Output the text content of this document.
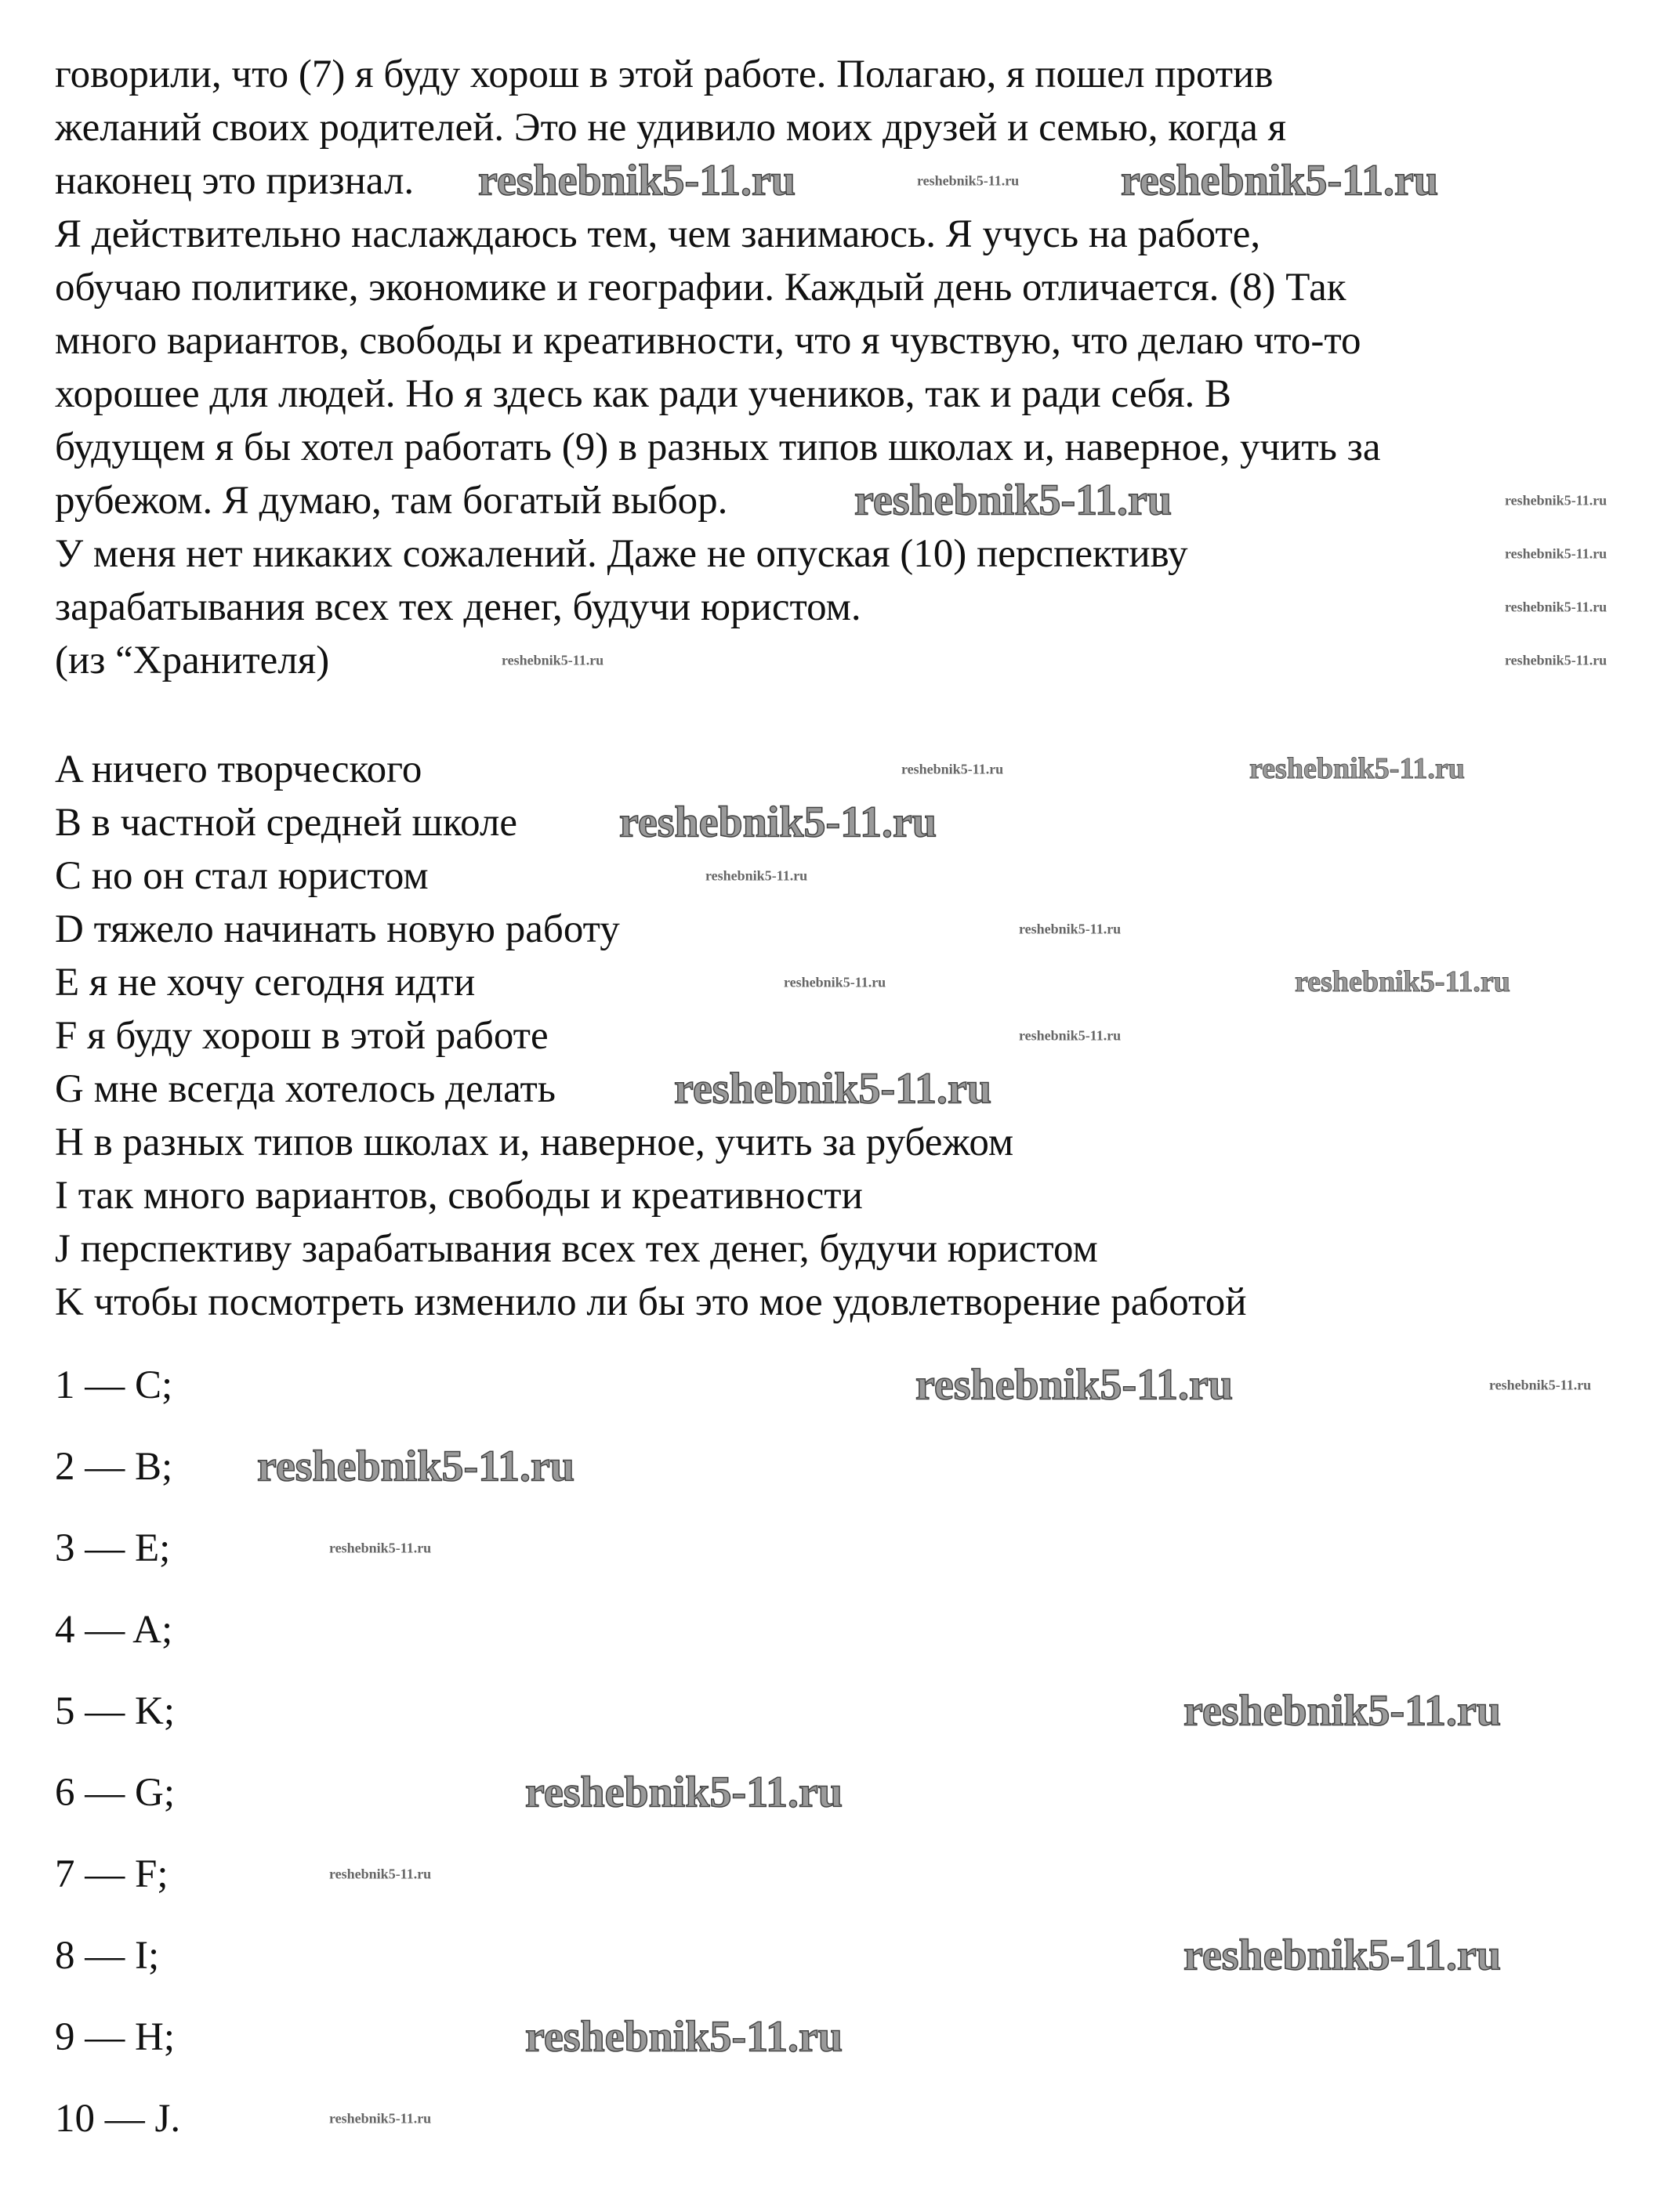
говорили, что (7) я буду хорош в этой работе. Полагаю, я пошел против
желаний своих родителей. Это не удивило моих друзей и семью, когда я
наконец это признал.
Я действительно наслаждаюсь тем, чем занимаюсь. Я учусь на работе,
обучаю политике, экономике и географии. Каждый день отличается. (8) Так
много вариантов, свободы и креативности, что я чувствую, что делаю что-то
хорошее для людей. Но я здесь как ради учеников, так и ради себя. В
будущем я бы хотел работать (9) в разных типов школах и, наверное, учить за
рубежом. Я думаю, там богатый выбор.
У меня нет никаких сожалений. Даже не опуская (10) перспективу
зарабатывания всех тех денег, будучи юристом.
(из “Хранителя)
A ничего творческого
B в частной средней школе
C но он стал юристом
D тяжело начинать новую работу
E я не хочу сегодня идти
F я буду хорош в этой работе
G мне всегда хотелось делать
H в разных типов школах и, наверное, учить за рубежом
I так много вариантов, свободы и креативности
J перспективу зарабатывания всех тех денег, будучи юристом
K чтобы посмотреть изменило ли бы это мое удовлетворение работой
1 — C;
2 — B;
3 — E;
4 — A;
5 — K;
6 — G;
7 — F;
8 — I;
9 — H;
10 — J.
reshebnik5-11.ru	reshebnik5-11.ru
reshebnik5-11.ru
reshebnik5-11.ru
reshebnik5-11.ru
reshebnik5-11.ru
reshebnik5-11.ru
reshebnik5-11.ru
reshebnik5-11.ru
reshebnik5-11.ru
reshebnik5-11.ru
reshebnik5-11.ru
reshebnik5-11.ru
reshebnik5-11.ru
reshebnik5-11.ru
reshebnik5-11.ru
reshebnik5-11.ru
reshebnik5-11.ru	reshebnik5-11.ru
reshebnik5-11.ru
reshebnik5-11.ru
reshebnik5-11.ru
reshebnik5-11.ru
reshebnik5-11.ru
reshebnik5-11.ru
reshebnik5-11.ru
reshebnik5-11.ru
reshebnik5-11.ru
